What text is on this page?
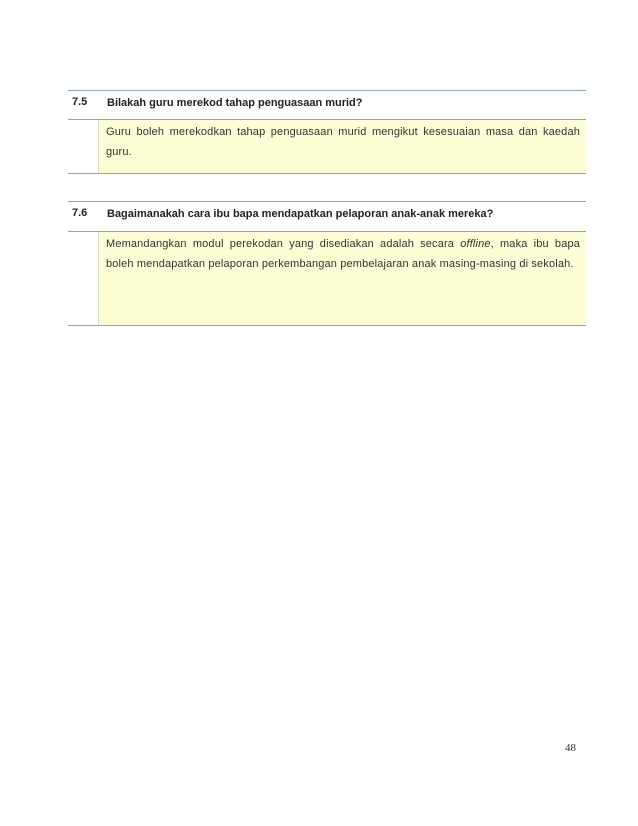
7.5	Bilakah guru merekod tahap penguasaan murid?
Guru boleh merekodkan tahap penguasaan murid mengikut kesesuaian masa dan kaedah guru.
7.6	Bagaimanakah cara ibu bapa mendapatkan pelaporan anak-anak mereka?
Memandangkan modul perekodan yang disediakan adalah secara offline, maka ibu bapa boleh mendapatkan pelaporan perkembangan pembelajaran anak masing-masing di sekolah.
48
